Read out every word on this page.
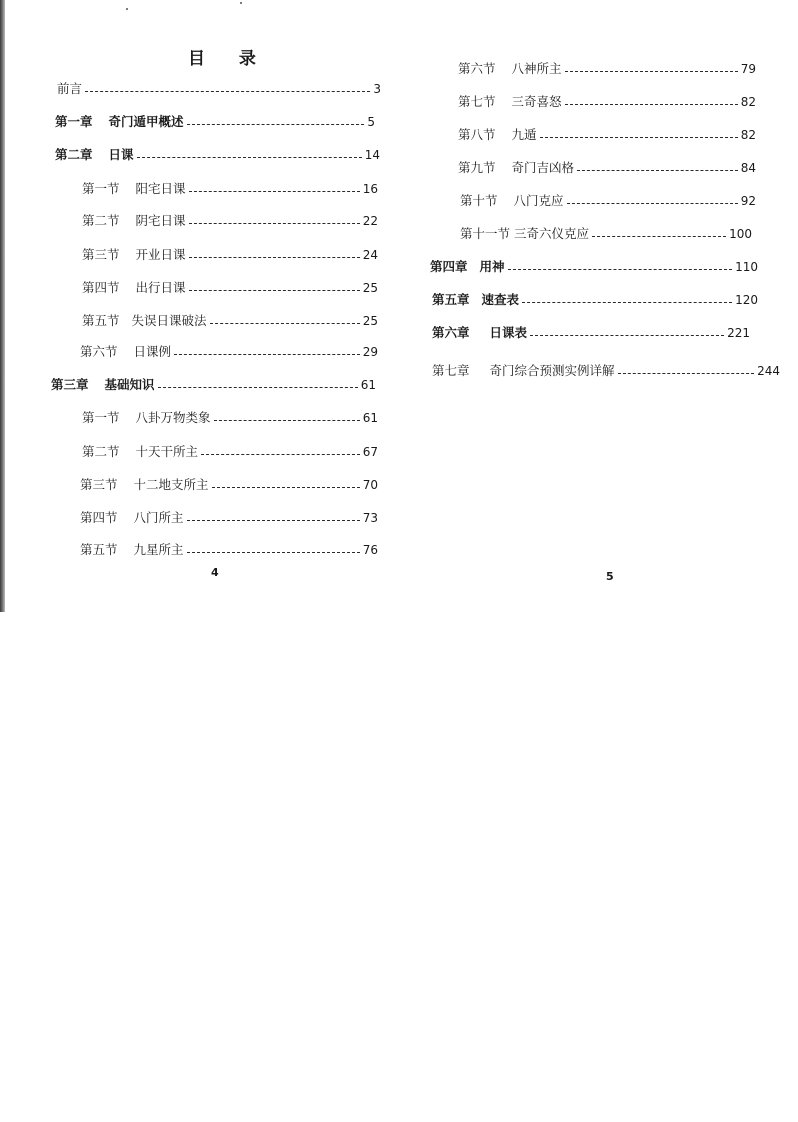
目 录
前言	3
第一章 奇门遁甲概述	5
第二章 日课	14
第一节 阳宅日课	16
第二节 阴宅日课	22
第三节 开业日课	24
第四节 出行日课	25
第五节 失误日课破法	25
第六节 日课例	29
第三章 基础知识	61
第一节 八卦万物类象	61
第二节 十天干所主	67
第三节 十二地支所主	70
第四节 八门所主	73
第五节 九星所主	76
4
第六节 八神所主	79
第七节 三奇喜怒	82
第八节 九遁	82
第九节 奇门吉凶格	84
第十节 八门克应	92
第十一节 三奇六仪克应	100
第四章 用神	110
第五章 速查表	120
第六章 日课表	221
第七章 奇门综合预测实例详解	244
5
